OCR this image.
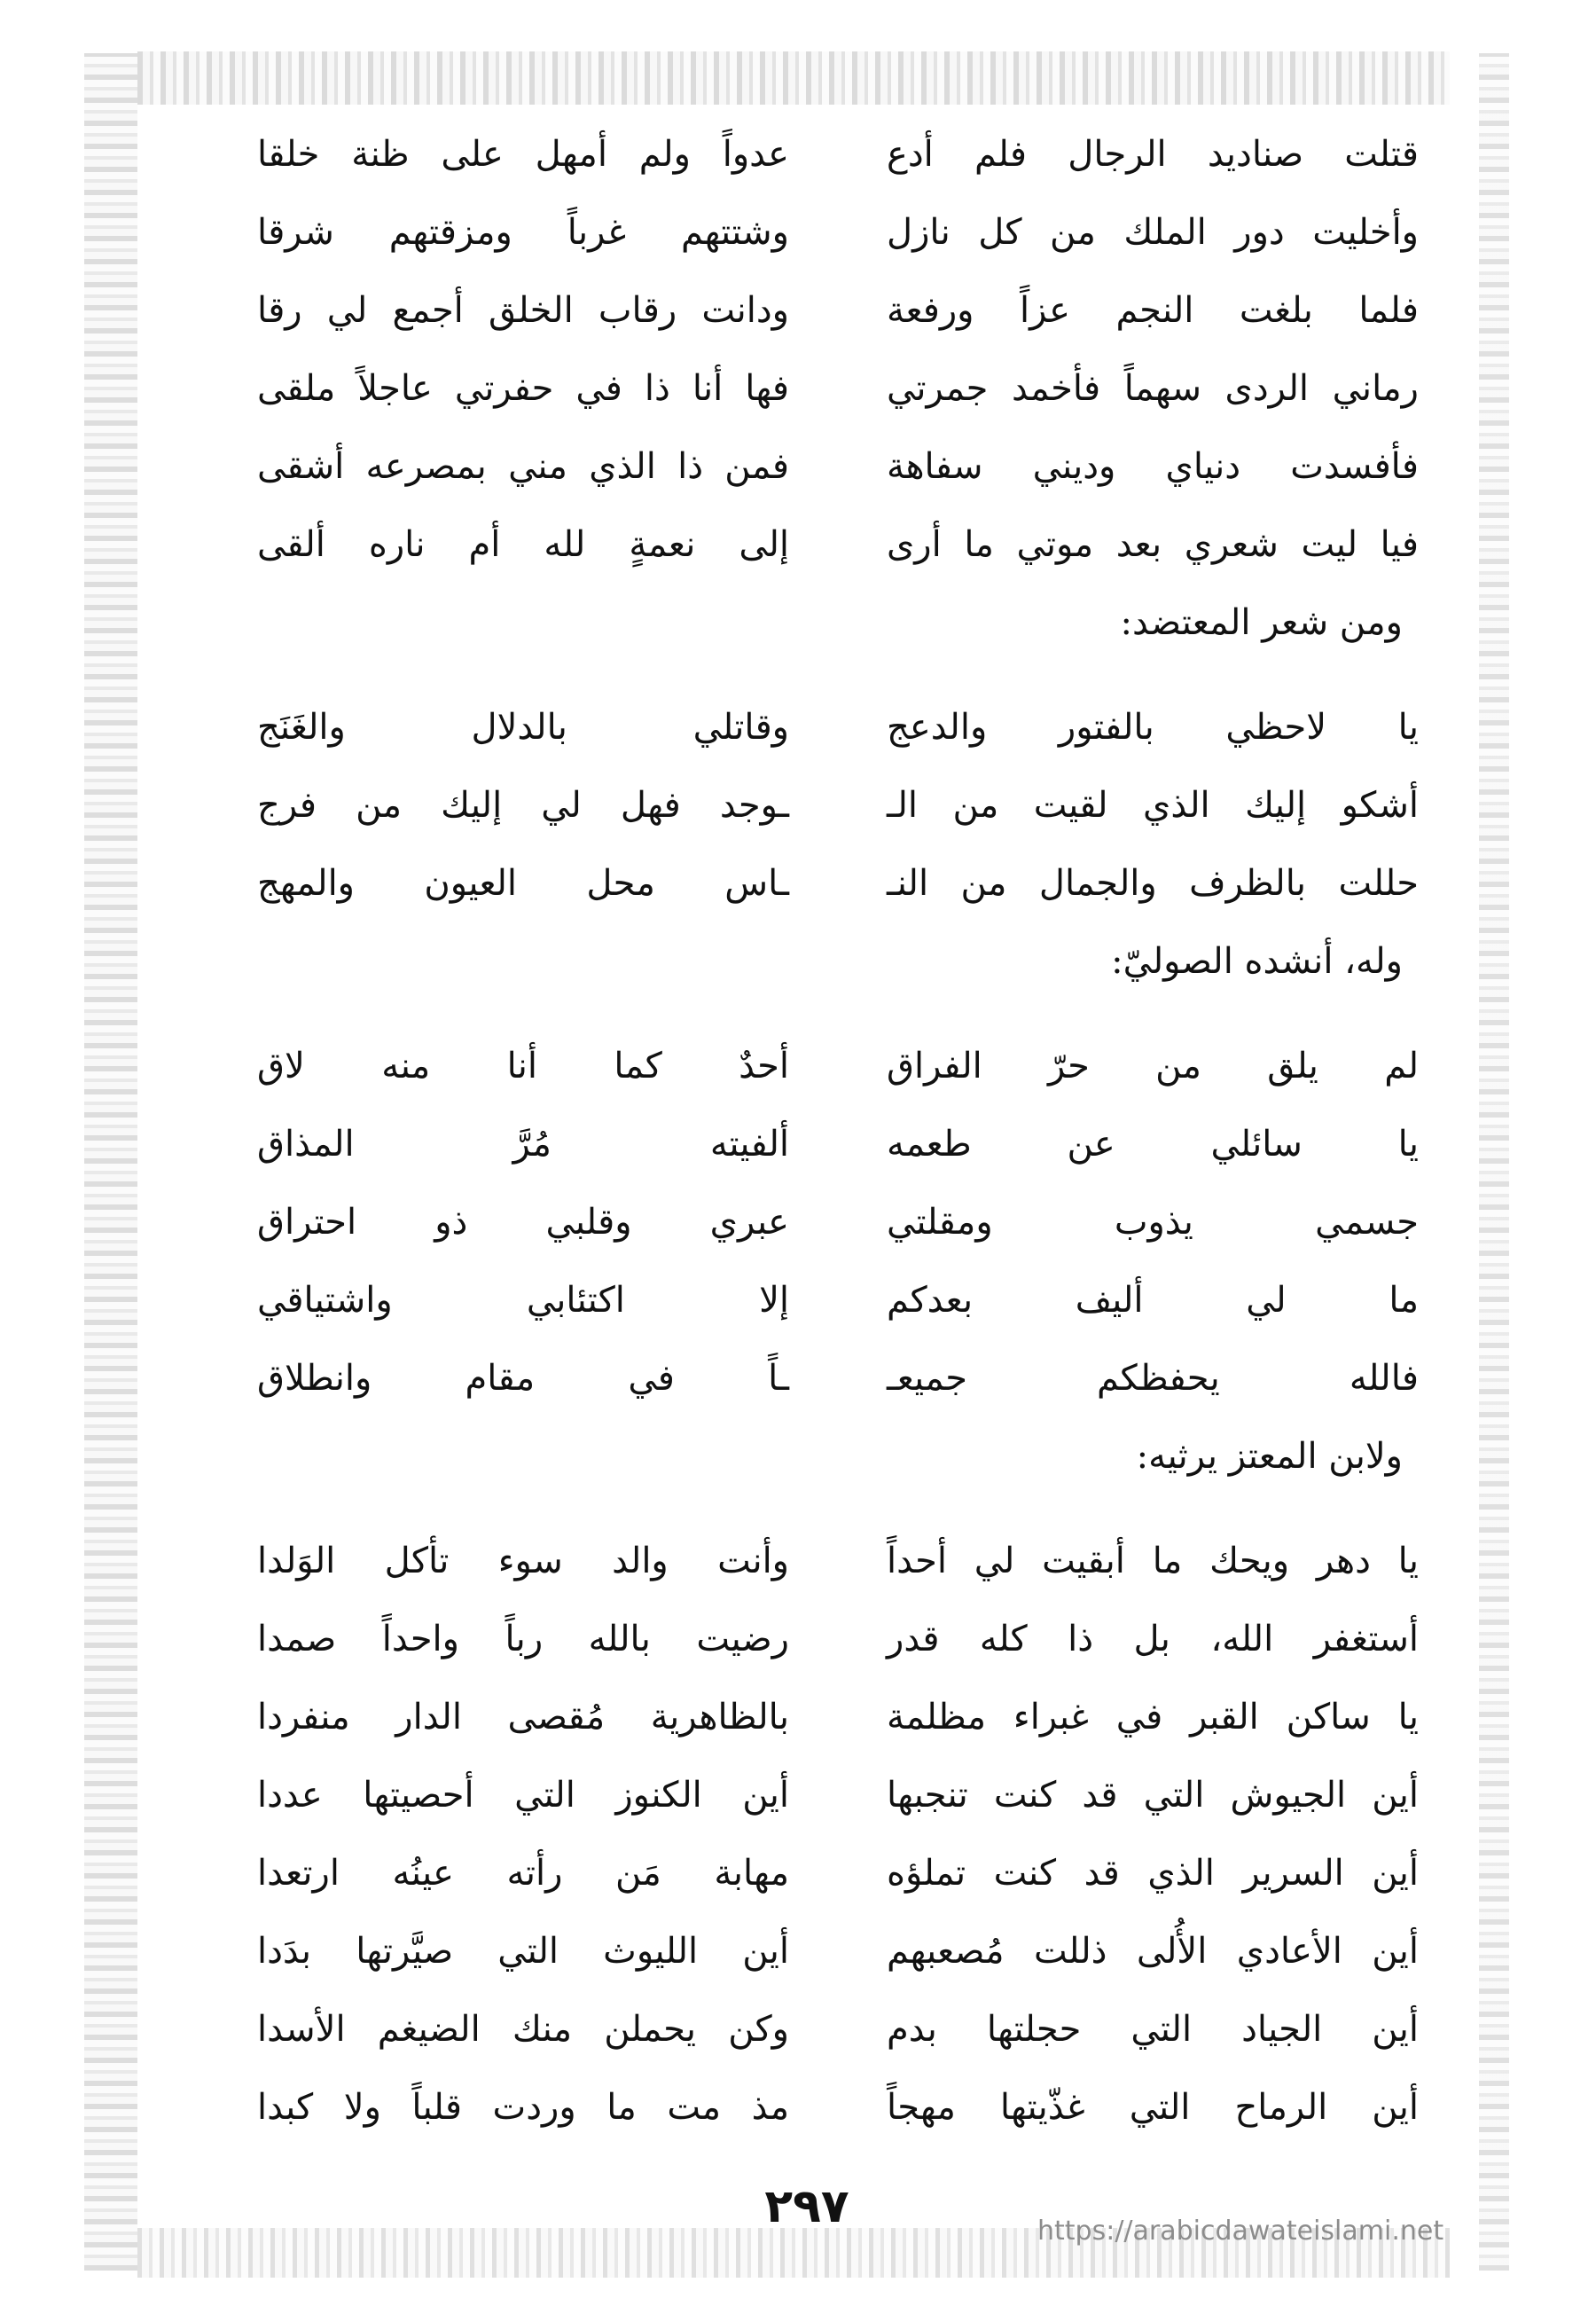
قتلت صناديد الرجال فلم أدع
عدواً ولم أمهل على ظنة خلقا
وأخليت دور الملك من كل نازل
وشتتهم غرباً ومزقتهم شرقا
فلما بلغت النجم عزاً ورفعة
ودانت رقاب الخلق أجمع لي رقا
رماني الردى سهماً فأخمد جمرتي
فها أنا ذا في حفرتي عاجلاً ملقى
فأفسدت دنياي وديني سفاهة
فمن ذا الذي مني بمصرعه أشقى
فيا ليت شعري بعد موتي ما أرى
إلى نعمةٍ لله أم ناره ألقى
ومن شعر المعتضد:
يا لاحظي بالفتور والدعج
وقاتلي بالدلال والغَنَج
أشكو إليك الذي لقيت من الـ
ـوجد فهل لي إليك من فرج
حللت بالظرف والجمال من النـ
ـاس محل العيون والمهج
وله، أنشده الصوليّ:
لم يلق من حرّ الفراق
أحدٌ كما أنا منه لاق
يا سائلي عن طعمه
ألفيته مُرَّ المذاق
جسمي يذوب ومقلتي
عبري وقلبي ذو احتراق
ما لي أليف بعدكم
إلا اكتئابي واشتياقي
فالله يحفظكم جميعـ
ـاً في مقام وانطلاق
ولابن المعتز يرثيه:
يا دهر ويحك ما أبقيت لي أحداً
وأنت والد سوء تأكل الوَلدا
أستغفر الله، بل ذا كله قدر
رضيت بالله رباً واحداً صمدا
يا ساكن القبر في غبراء مظلمة
بالظاهرية مُقصى الدار منفردا
أين الجيوش التي قد كنت تنجبها
أين الكنوز التي أحصيتها عددا
أين السرير الذي قد كنت تملؤه
مهابة مَن رأته عينُه ارتعدا
أين الأعادي الأُلى ذللت مُصعبهم
أين الليوث التي صيَّرتها بدَدا
أين الجياد التي حجلتها بدم
وكن يحملن منك الضيغم الأسدا
أين الرماح التي غذّيتها مهجاً
مذ مت ما وردت قلباً ولا كبدا
٢٩٧	https://arabicdawateislami.net
